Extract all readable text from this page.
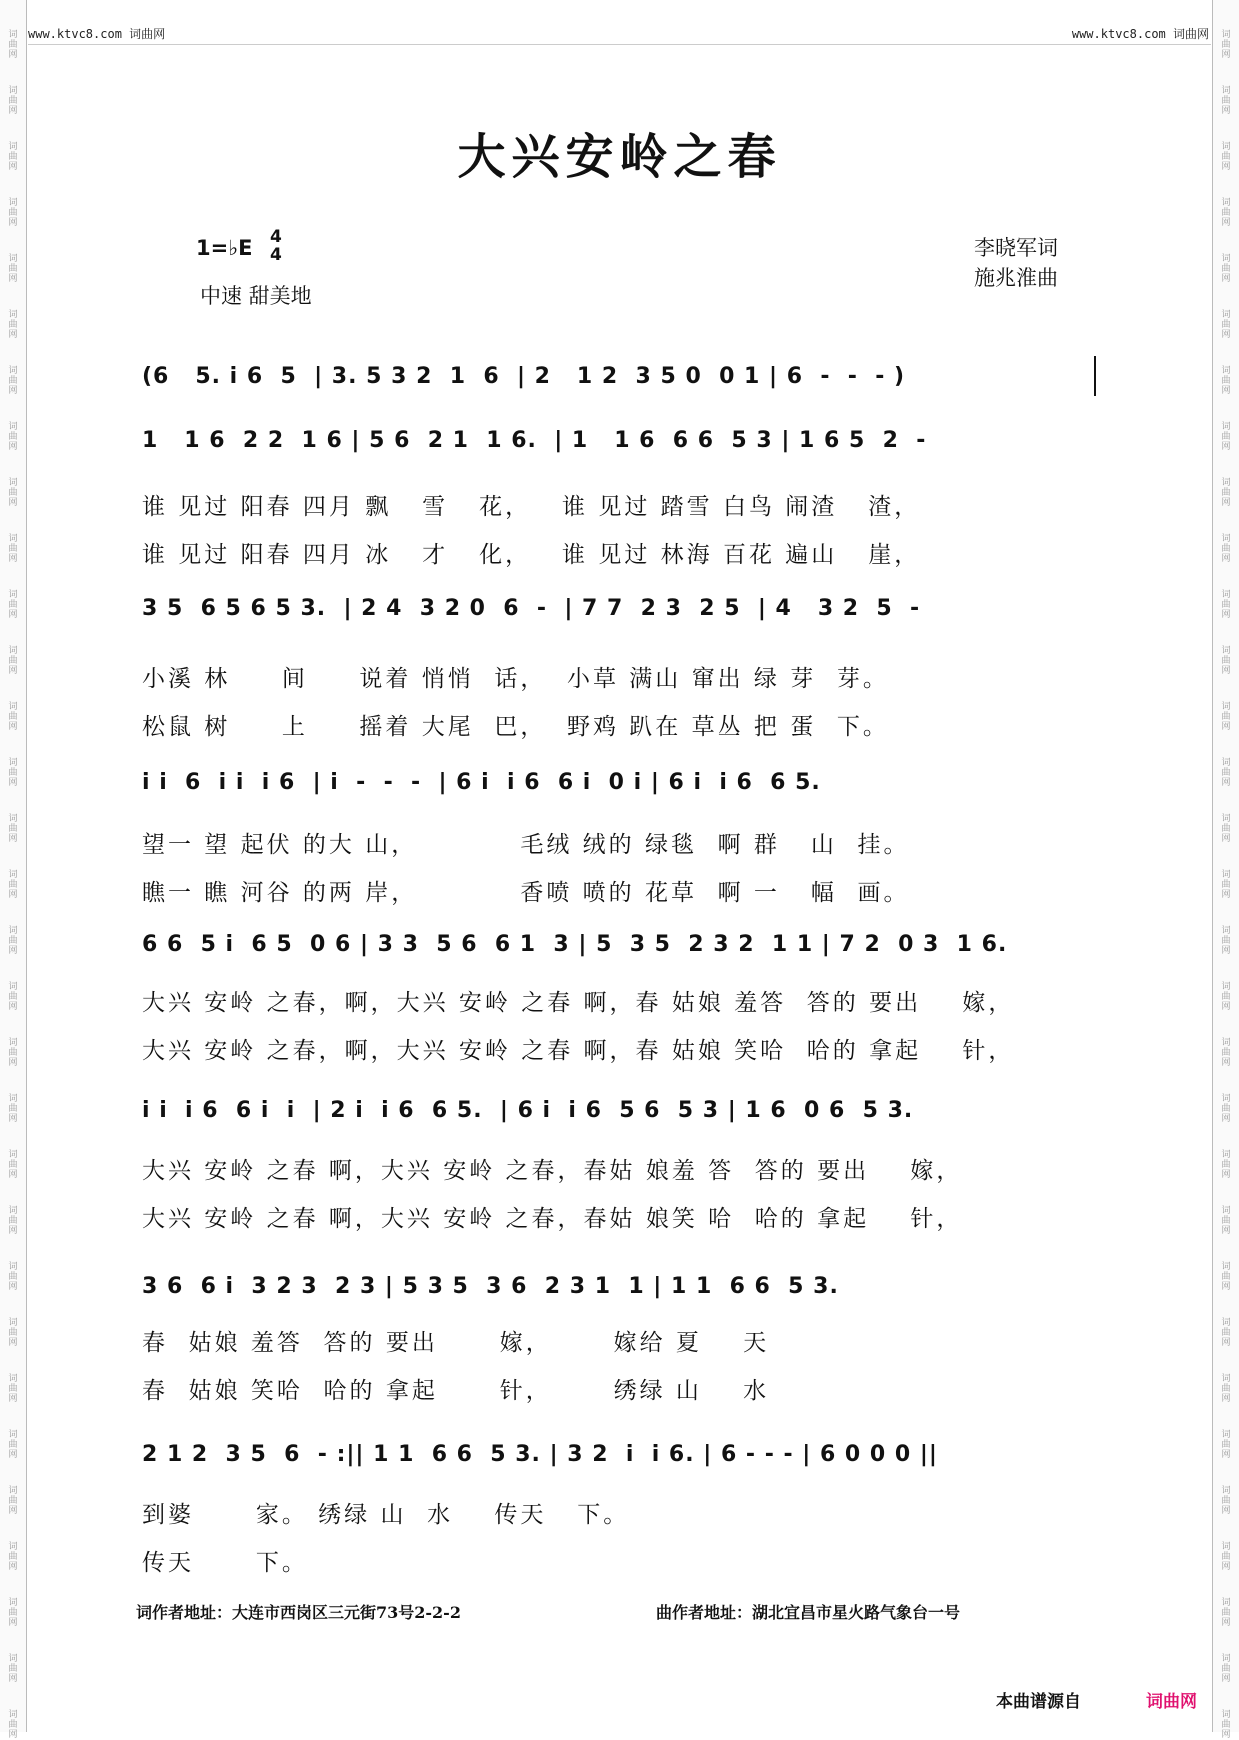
词
曲
网
词
曲
网
词
曲
网
词
曲
网
词
曲
网
词
曲
网
词
曲
网
词
曲
网
词
曲
网
词
曲
网
词
曲
网
词
曲
网
词
曲
网
词
曲
网
词
曲
网
词
曲
网
词
曲
网
词
曲
网
词
曲
网
词
曲
网
词
曲
网
词
曲
网
词
曲
网
词
曲
网
词
曲
网
词
曲
网
词
曲
网
词
曲
网
词
曲
网
词
曲
网
词
曲
网
词
曲
网
词
曲
网
词
曲
网
词
曲
网
词
曲
网
词
曲
网
词
曲
网
词
曲
网
词
曲
网
词
曲
网
词
曲
网
词
曲
网
词
曲
网
词
曲
网
词
曲
网
词
曲
网
词
曲
网
词
曲
网
词
曲
网
词
曲
网
词
曲
网
词
曲
网
词
曲
网
词
曲
网
词
曲
网
词
曲
网
词
曲
网
词
曲
网
词
曲
网
词
曲
网
词
曲
网
www.ktvc8.com 词曲网	www.ktvc8.com 词曲网
大兴安岭之春
1=♭E 4
4
中速 甜美地
李晓军词
施兆淮曲
(6   5. i 6  5  | 3. 5 3 2  1  6  | 2   1 2  3 5 0  0 1 | 6  -  -  - )
1   1 6  2 2  1 6 | 5 6  2 1  1 6.  | 1   1 6  6 6  5 3 | 1 6 5  2  -
谁 见过 阳春 四月 飘   雪   花，   谁 见过 踏雪 白鸟 闹渣   渣，
谁 见过 阳春 四月 冰   才   化，   谁 见过 林海 百花 遍山   崖，
3 5  6 5 6 5 3.  | 2 4  3 2 0  6  -  | 7 7  2 3  2 5  | 4   3 2  5  -
小溪 林     间     说着 悄悄  话，  小草 满山 窜出 绿 芽  芽。
松鼠 树     上     摇着 大尾  巴，  野鸡 趴在 草丛 把 蛋  下。
i i  6  i i  i 6  | i  -  -  -  | 6 i  i 6  6 i  0 i | 6 i  i 6  6 5.
望一 望 起伏 的大 山，          毛绒 绒的 绿毯  啊 群   山  挂。
瞧一 瞧 河谷 的两 岸，          香喷 喷的 花草  啊 一   幅  画。
6 6  5 i  6 5  0 6 | 3 3  5 6  6 1  3 | 5  3 5  2 3 2  1 1 | 7 2  0 3  1 6.
大兴 安岭 之春，啊，大兴 安岭 之春 啊，春 姑娘 羞答  答的 要出    嫁，
大兴 安岭 之春，啊，大兴 安岭 之春 啊，春 姑娘 笑哈  哈的 拿起    针，
i i  i 6  6 i  i  | 2 i  i 6  6 5.  | 6 i  i 6  5 6  5 3 | 1 6  0 6  5 3.
大兴 安岭 之春 啊，大兴 安岭 之春，春姑 娘羞 答  答的 要出    嫁，
大兴 安岭 之春 啊，大兴 安岭 之春，春姑 娘笑 哈  哈的 拿起    针，
3 6  6 i  3 2 3  2 3 | 5 3 5  3 6  2 3 1  1 | 1 1  6 6  5 3.
春  姑娘 羞答  答的 要出      嫁，      嫁给 夏    天
春  姑娘 笑哈  哈的 拿起      针，      绣绿 山    水
2 1 2  3 5  6  - :|| 1 1  6 6  5 3. | 3 2  i  i 6. | 6 - - - | 6 0 0 0 ||
到婆      家。 绣绿 山  水    传天   下。
传天      下。
词作者地址：大连市西岗区三元街73号2-2-2	曲作者地址：湖北宜昌市星火路气象台一号
本曲谱源自	词曲网
